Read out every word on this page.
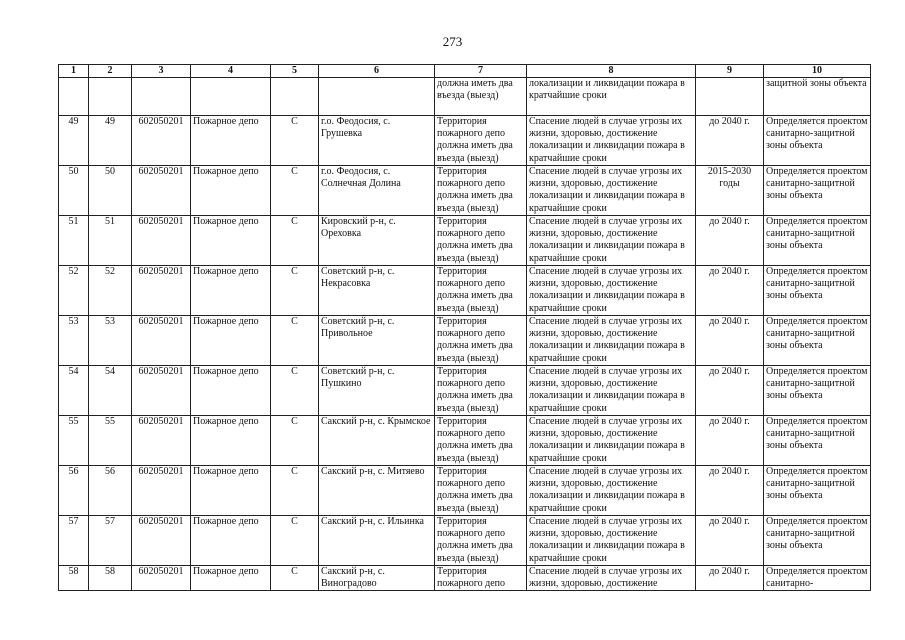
273
1	2	3	4	5	6	7	8	9	10
						должна иметь два въезда (выезд)	локализации и ликвидации пожара в кратчайшие сроки		защитной зоны объекта
49	49	602050201	Пожарное депо	С	г.о. Феодосия, с. Грушевка	Территория пожарного депо должна иметь два въезда (выезд)	Спасение людей в случае угрозы их жизни, здоровью, достижение локализации и ликвидации пожара в кратчайшие сроки	до 2040 г.	Определяется проектом санитарно-защитной зоны объекта
50	50	602050201	Пожарное депо	С	г.о. Феодосия, с. Солнечная Долина	Территория пожарного депо должна иметь два въезда (выезд)	Спасение людей в случае угрозы их жизни, здоровью, достижение локализации и ликвидации пожара в кратчайшие сроки	2015-2030 годы	Определяется проектом санитарно-защитной зоны объекта
51	51	602050201	Пожарное депо	С	Кировский р-н, с. Ореховка	Территория пожарного депо должна иметь два въезда (выезд)	Спасение людей в случае угрозы их жизни, здоровью, достижение локализации и ликвидации пожара в кратчайшие сроки	до 2040 г.	Определяется проектом санитарно-защитной зоны объекта
52	52	602050201	Пожарное депо	С	Советский р-н, с. Некрасовка	Территория пожарного депо должна иметь два въезда (выезд)	Спасение людей в случае угрозы их жизни, здоровью, достижение локализации и ликвидации пожара в кратчайшие сроки	до 2040 г.	Определяется проектом санитарно-защитной зоны объекта
53	53	602050201	Пожарное депо	С	Советский р-н, с. Привольное	Территория пожарного депо должна иметь два въезда (выезд)	Спасение людей в случае угрозы их жизни, здоровью, достижение локализации и ликвидации пожара в кратчайшие сроки	до 2040 г.	Определяется проектом санитарно-защитной зоны объекта
54	54	602050201	Пожарное депо	С	Советский р-н, с. Пушкино	Территория пожарного депо должна иметь два въезда (выезд)	Спасение людей в случае угрозы их жизни, здоровью, достижение локализации и ликвидации пожара в кратчайшие сроки	до 2040 г.	Определяется проектом санитарно-защитной зоны объекта
55	55	602050201	Пожарное депо	С	Сакский р-н, с. Крымское	Территория пожарного депо должна иметь два въезда (выезд)	Спасение людей в случае угрозы их жизни, здоровью, достижение локализации и ликвидации пожара в кратчайшие сроки	до 2040 г.	Определяется проектом санитарно-защитной зоны объекта
56	56	602050201	Пожарное депо	С	Сакский р-н, с. Митяево	Территория пожарного депо должна иметь два въезда (выезд)	Спасение людей в случае угрозы их жизни, здоровью, достижение локализации и ликвидации пожара в кратчайшие сроки	до 2040 г.	Определяется проектом санитарно-защитной зоны объекта
57	57	602050201	Пожарное депо	С	Сакский р-н, с. Ильинка	Территория пожарного депо должна иметь два въезда (выезд)	Спасение людей в случае угрозы их жизни, здоровью, достижение локализации и ликвидации пожара в кратчайшие сроки	до 2040 г.	Определяется проектом санитарно-защитной зоны объекта
58	58	602050201	Пожарное депо	С	Сакский р-н, с. Виноградово	Территория пожарного депо	Спасение людей в случае угрозы их жизни, здоровью, достижение	до 2040 г.	Определяется проектом санитарно-
